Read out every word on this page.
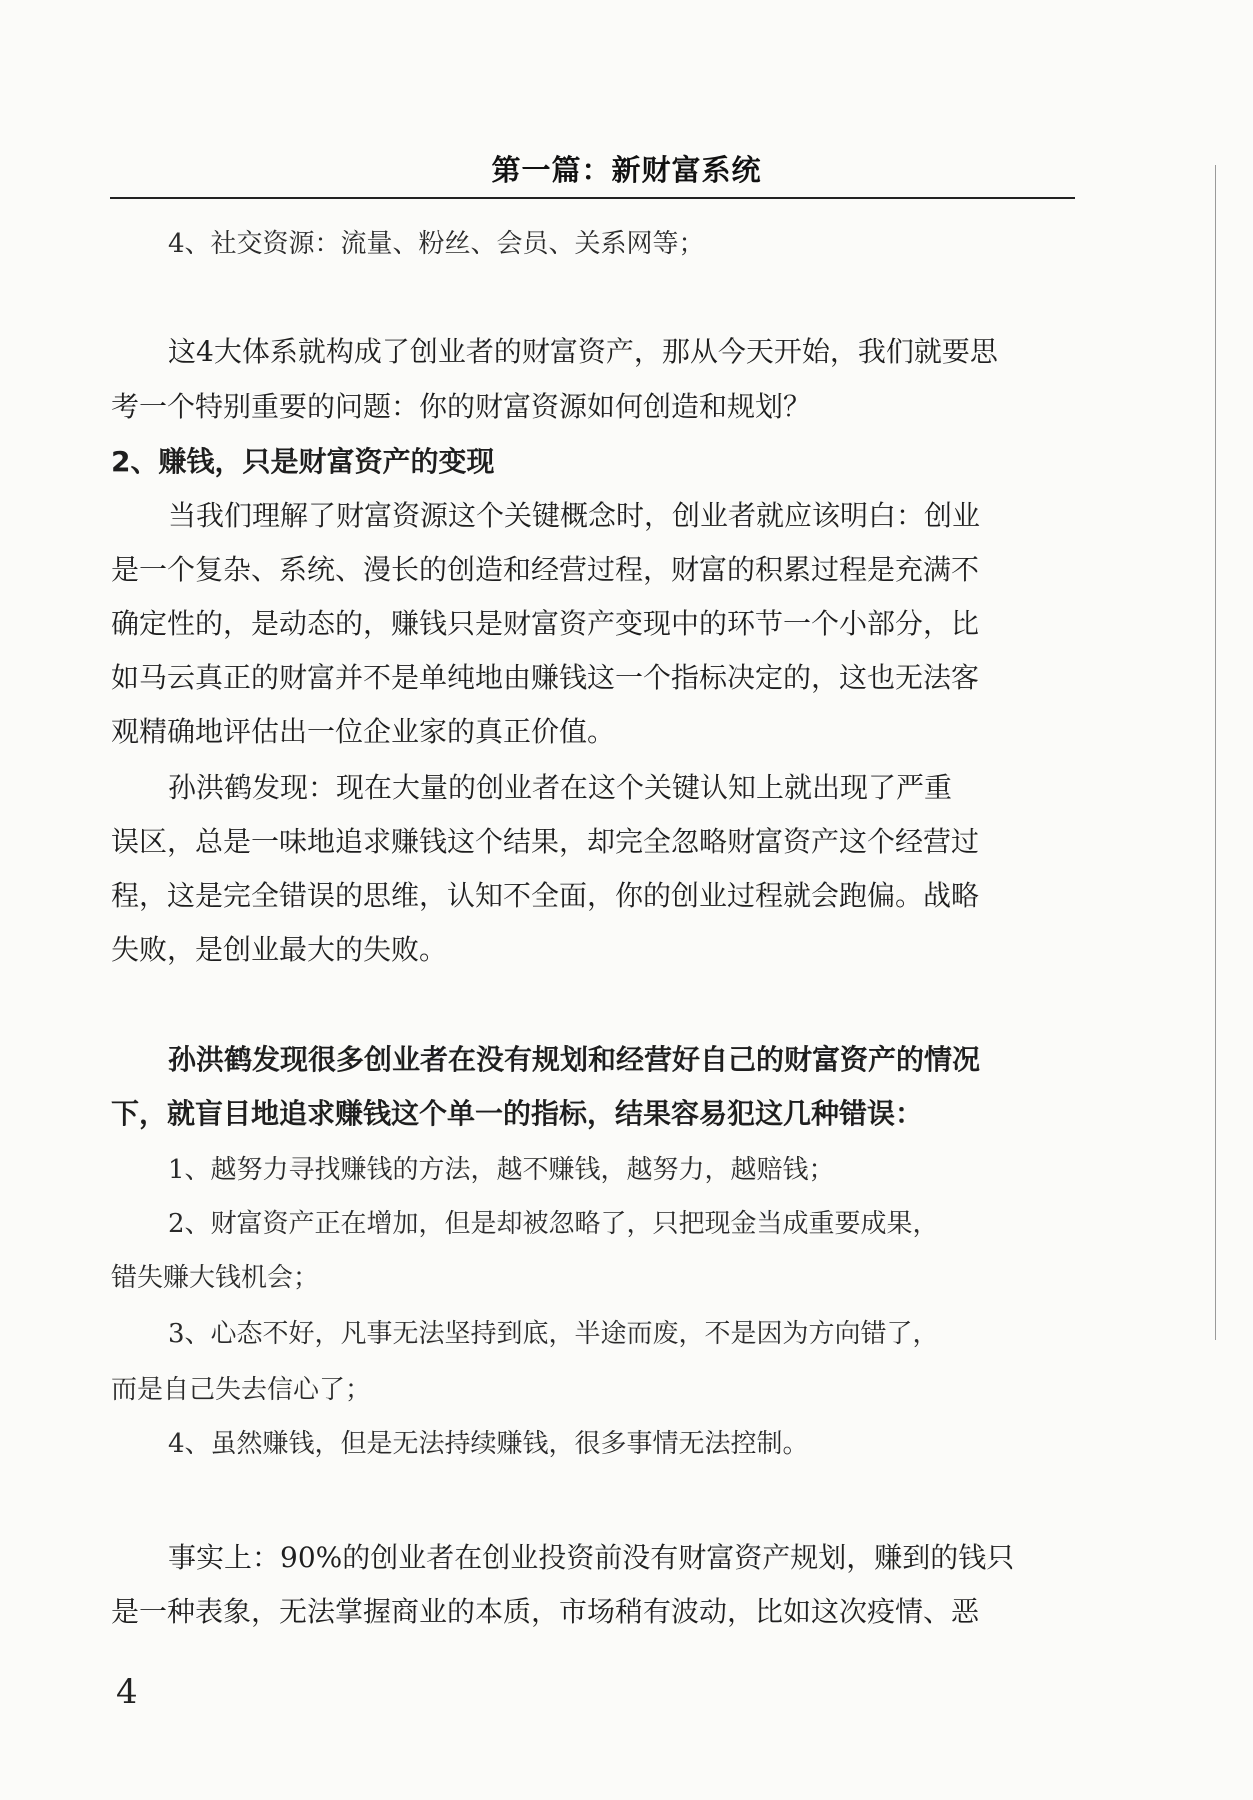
第一篇：新财富系统
4、社交资源：流量、粉丝、会员、关系网等；
这4大体系就构成了创业者的财富资产，那从今天开始，我们就要思
考一个特别重要的问题：你的财富资源如何创造和规划？
2、赚钱，只是财富资产的变现
当我们理解了财富资源这个关键概念时，创业者就应该明白：创业
是一个复杂、系统、漫长的创造和经营过程，财富的积累过程是充满不
确定性的，是动态的，赚钱只是财富资产变现中的环节一个小部分，比
如马云真正的财富并不是单纯地由赚钱这一个指标决定的，这也无法客
观精确地评估出一位企业家的真正价值。
孙洪鹤发现：现在大量的创业者在这个关键认知上就出现了严重
误区，总是一味地追求赚钱这个结果，却完全忽略财富资产这个经营过
程，这是完全错误的思维，认知不全面，你的创业过程就会跑偏。战略
失败，是创业最大的失败。
孙洪鹤发现很多创业者在没有规划和经营好自己的财富资产的情况
下，就盲目地追求赚钱这个单一的指标，结果容易犯这几种错误：
1、越努力寻找赚钱的方法，越不赚钱，越努力，越赔钱；
2、财富资产正在增加，但是却被忽略了，只把现金当成重要成果，
错失赚大钱机会；
3、心态不好，凡事无法坚持到底，半途而废，不是因为方向错了，
而是自己失去信心了；
4、虽然赚钱，但是无法持续赚钱，很多事情无法控制。
事实上：90%的创业者在创业投资前没有财富资产规划，赚到的钱只
是一种表象，无法掌握商业的本质，市场稍有波动，比如这次疫情、恶
4
